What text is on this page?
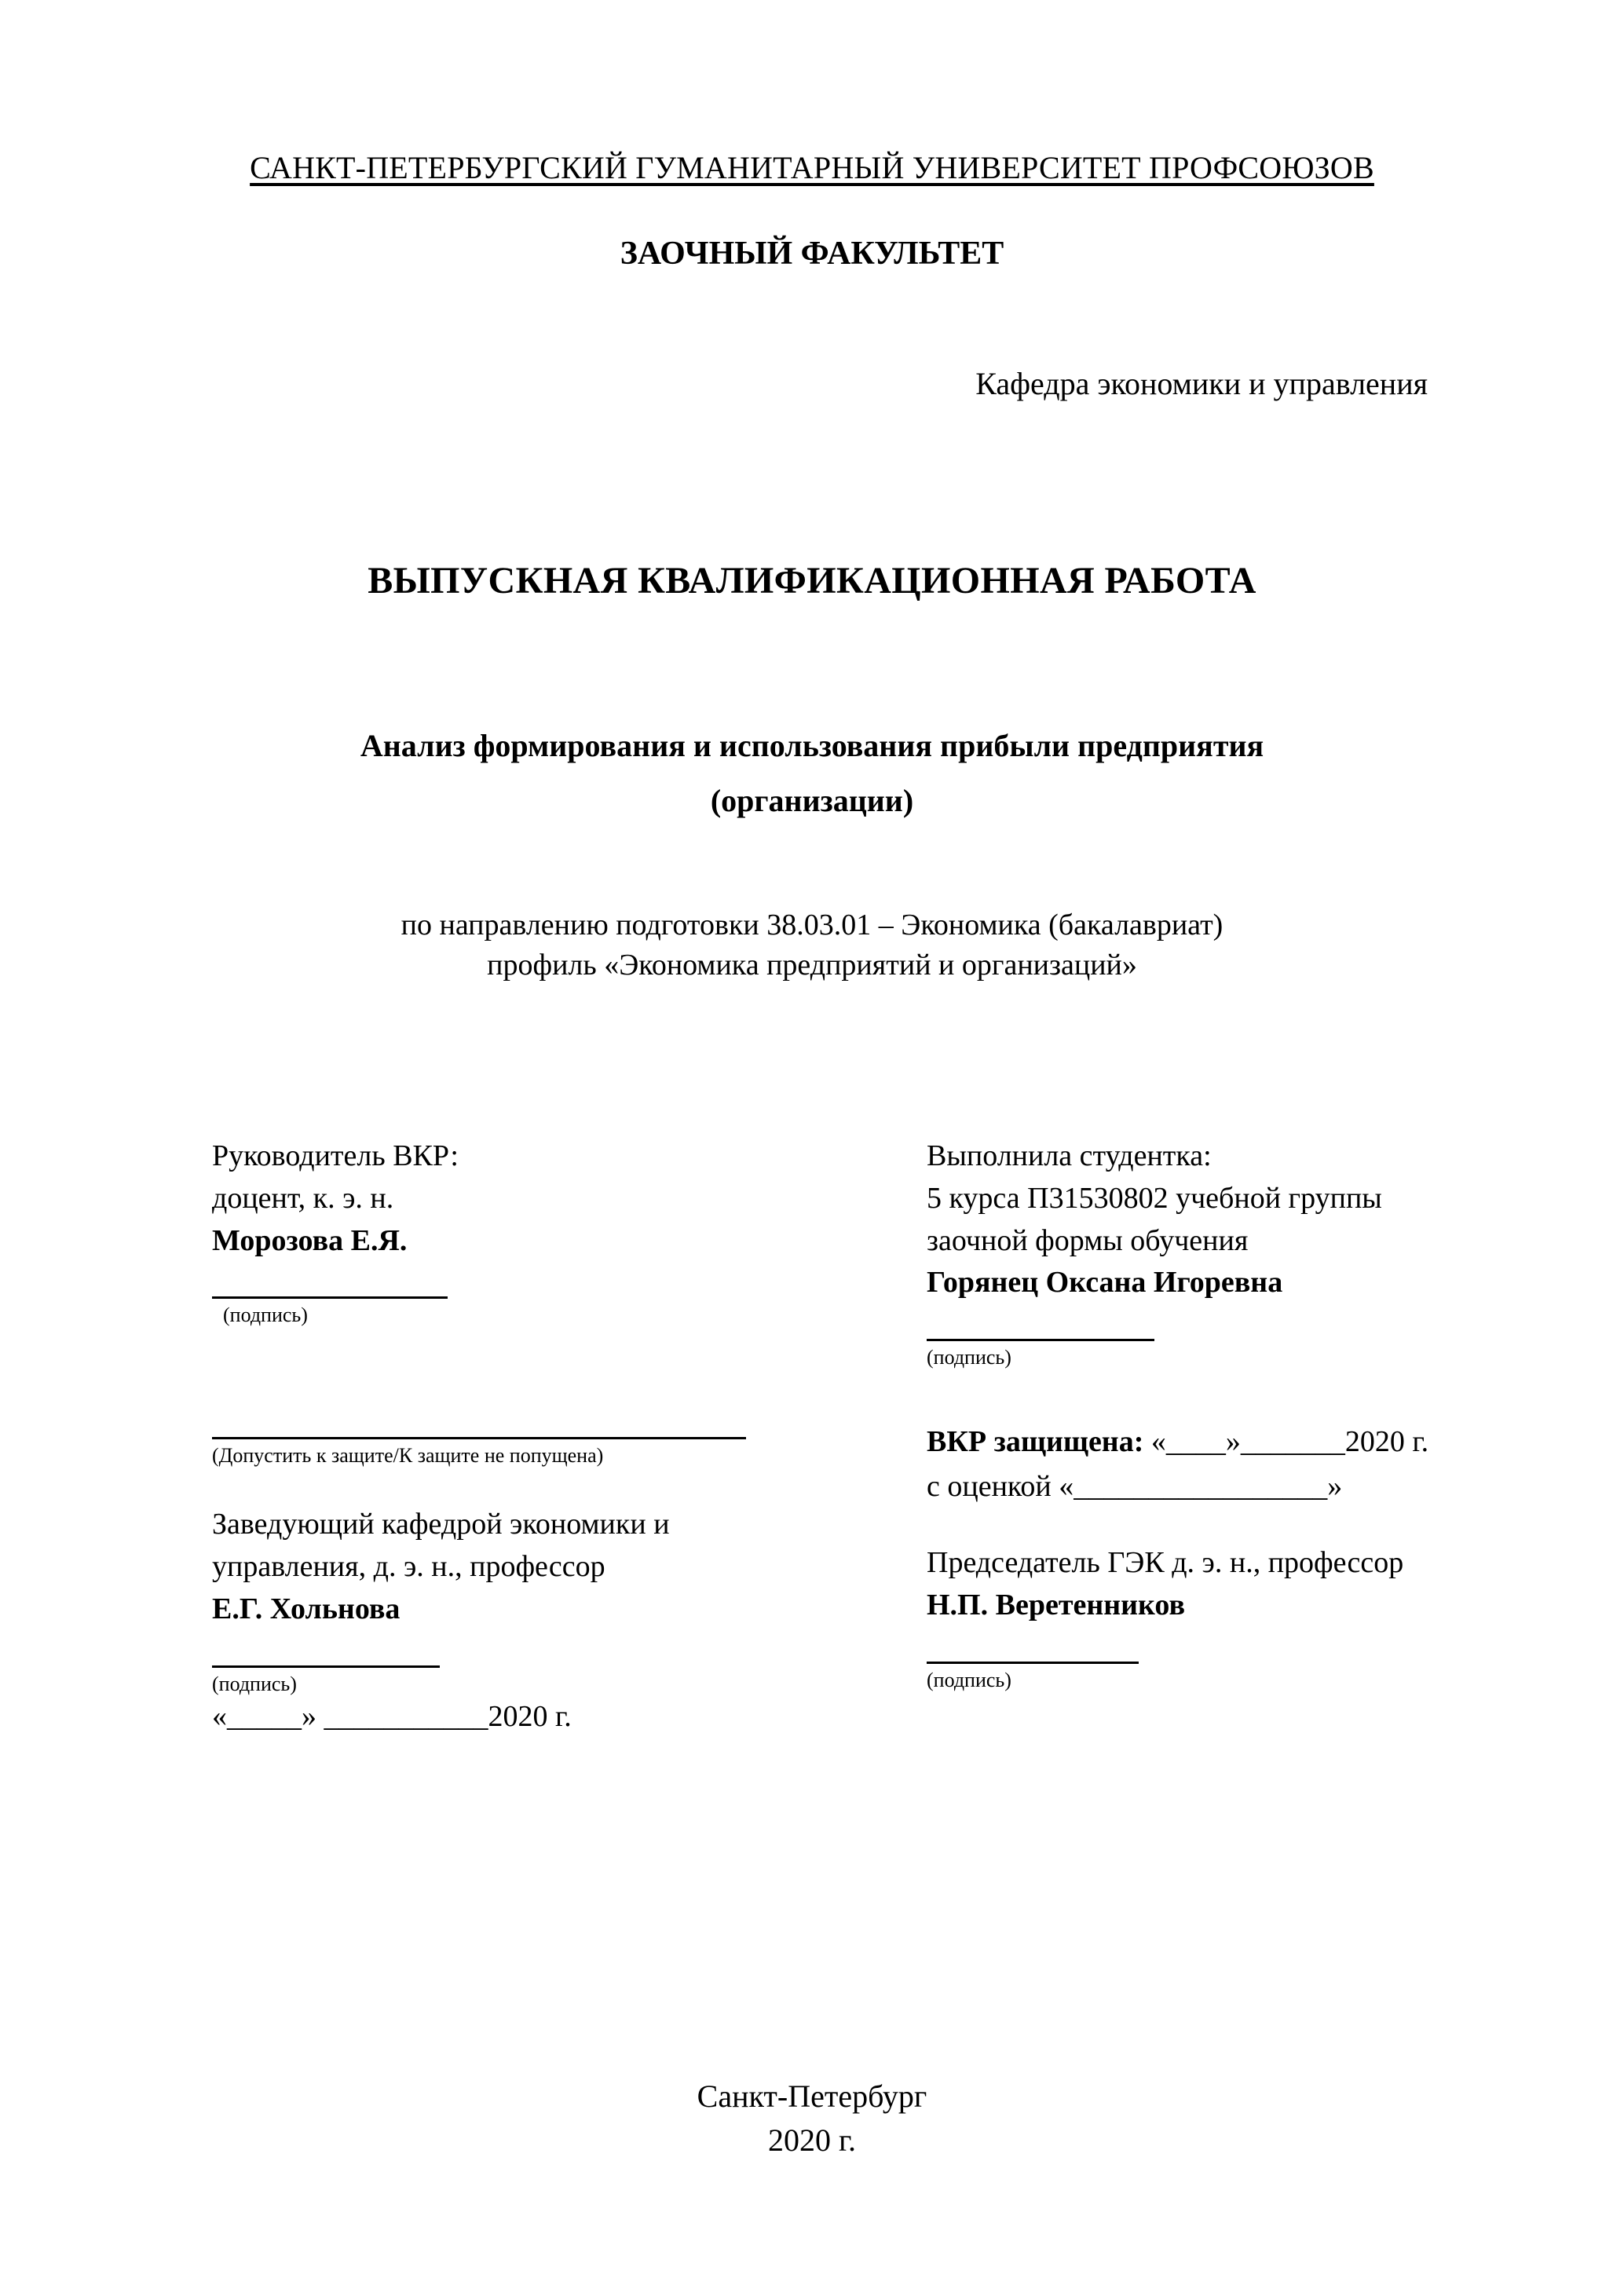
САНКТ-ПЕТЕРБУРГСКИЙ ГУМАНИТАРНЫЙ УНИВЕРСИТЕТ ПРОФСОЮЗОВ
ЗАОЧНЫЙ ФАКУЛЬТЕТ
Кафедра экономики и управления
ВЫПУСКНАЯ КВАЛИФИКАЦИОННАЯ РАБОТА
Анализ формирования и использования прибыли предприятия
(организации)
по направлению подготовки 38.03.01 – Экономика (бакалавриат)
профиль «Экономика предприятий и организаций»
Руководитель ВКР:
доцент, к. э. н.
Морозова Е.Я.
(подпись)
(Допустить к защите/К защите не попущена)
Заведующий кафедрой экономики и
управления, д. э. н., профессор
Е.Г. Хольнова
(подпись)
«_____» ___________2020 г.
Выполнила студентка:
5 курса П31530802 учебной группы
заочной формы обучения
Горянец Оксана Игоревна
(подпись)
ВКР защищена: «____»_______2020 г.
с оценкой «_________________»
Председатель ГЭК д. э. н., профессор
Н.П. Веретенников
(подпись)
Санкт-Петербург
2020 г.
